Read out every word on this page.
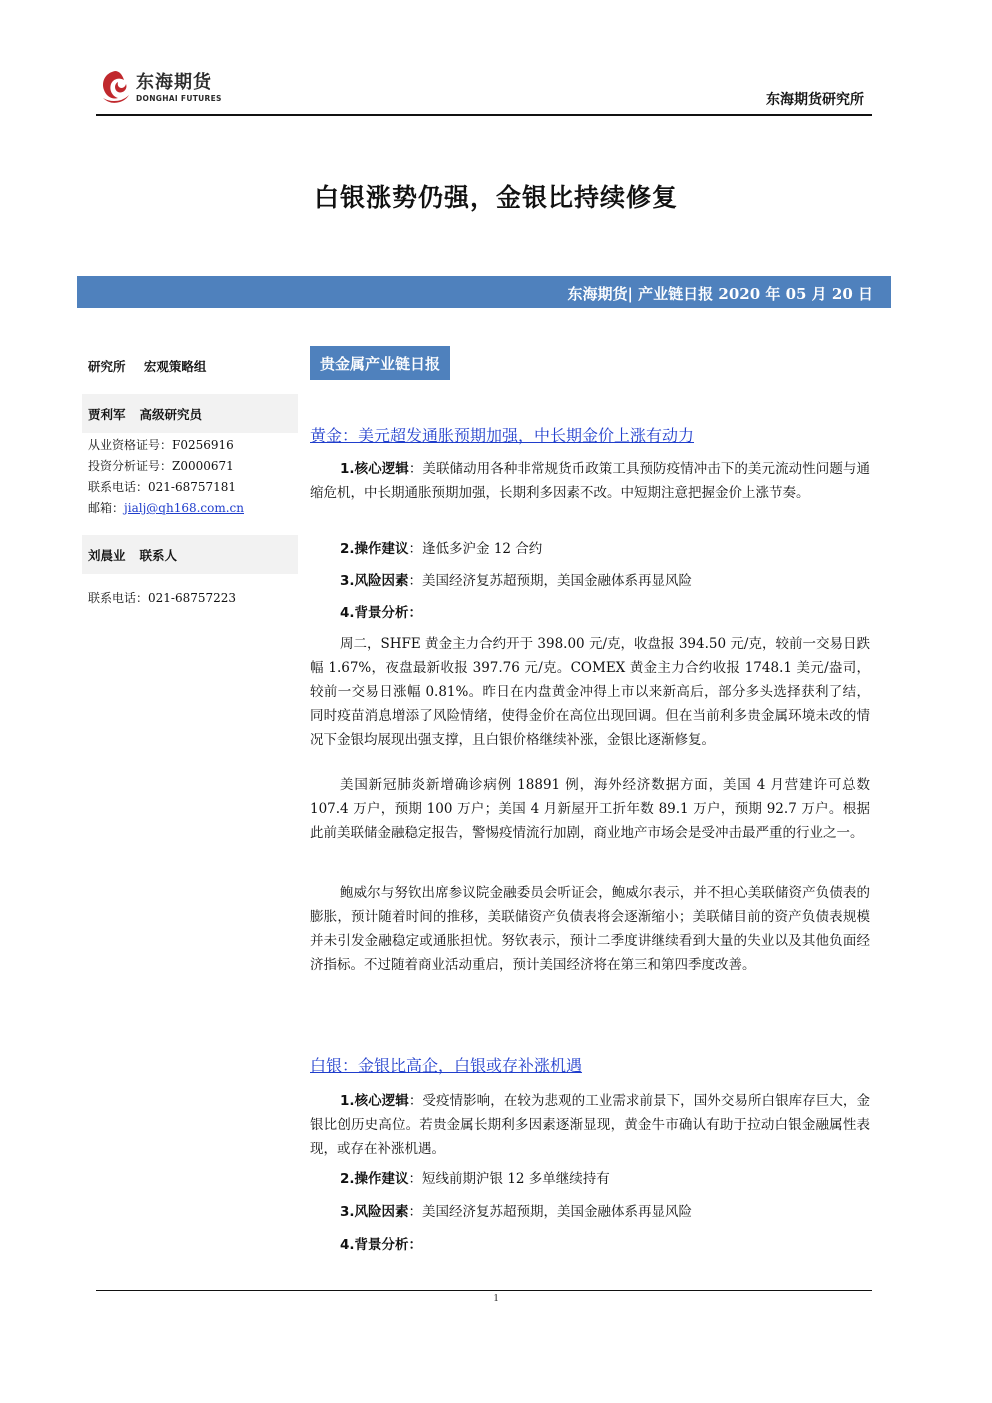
东海期货
DONGHAI FUTURES	东海期货研究所
白银涨势仍强，金银比持续修复
东海期货| 产业链日报 2020 年 05 月 20 日
研究所 宏观策略组
贾利军 高级研究员
从业资格证号：F0256916
投资分析证号：Z0000671
联系电话：021-68757181
邮箱：jialj@qh168.com.cn
刘晨业 联系人
联系电话：021-68757223
贵金属产业链日报
黄金：美元超发通胀预期加强，中长期金价上涨有动力

1.核心逻辑：美联储动用各种非常规货币政策工具预防疫情冲击下的美元流动性问题与通缩危机，中长期通胀预期加强，长期利多因素不改。中短期注意把握金价上涨节奏。

2.操作建议：逢低多沪金 12 合约

3.风险因素：美国经济复苏超预期，美国金融体系再显风险

4.背景分析：

周二，SHFE 黄金主力合约开于 398.00 元/克，收盘报 394.50 元/克，较前一交易日跌幅 1.67%，夜盘最新收报 397.76 元/克。COMEX 黄金主力合约收报 1748.1 美元/盎司，较前一交易日涨幅 0.81%。昨日在内盘黄金冲得上市以来新高后，部分多头选择获利了结，同时疫苗消息增添了风险情绪，使得金价在高位出现回调。但在当前利多贵金属环境未改的情况下金银均展现出强支撑，且白银价格继续补涨，金银比逐渐修复。

美国新冠肺炎新增确诊病例 18891 例，海外经济数据方面，美国 4 月营建许可总数 107.4 万户，预期 100 万户；美国 4 月新屋开工折年数 89.1 万户，预期 92.7 万户。根据此前美联储金融稳定报告，警惕疫情流行加剧，商业地产市场会是受冲击最严重的行业之一。

鲍威尔与努钦出席参议院金融委员会听证会，鲍威尔表示，并不担心美联储资产负债表的膨胀，预计随着时间的推移，美联储资产负债表将会逐渐缩小；美联储目前的资产负债表规模并未引发金融稳定或通胀担忧。努钦表示，预计二季度讲继续看到大量的失业以及其他负面经济指标。不过随着商业活动重启，预计美国经济将在第三和第四季度改善。

白银：金银比高企，白银或存补涨机遇

1.核心逻辑：受疫情影响，在较为悲观的工业需求前景下，国外交易所白银库存巨大，金银比创历史高位。若贵金属长期利多因素逐渐显现，黄金牛市确认有助于拉动白银金融属性表现，或存在补涨机遇。

2.操作建议：短线前期沪银 12 多单继续持有

3.风险因素：美国经济复苏超预期，美国金融体系再显风险

4.背景分析：

1
